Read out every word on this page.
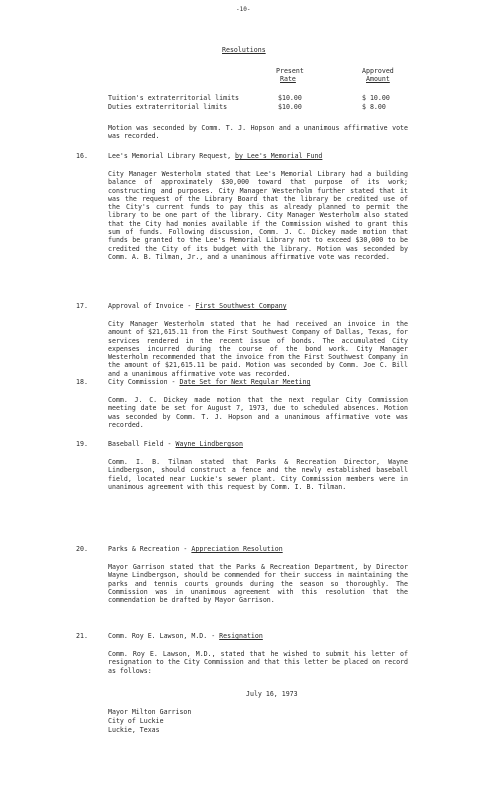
-10-
Resolutions
Present
Rate
Approved
Amount
Tuition's extraterritorial limits	$10.00	$ 10.00
Duties extraterritorial limits	$10.00	$ 8.00
Motion was seconded by Comm. T. J. Hopson and a unanimous affirmative vote was recorded.
16.	Lee's Memorial Library Request, by Lee's Memorial Fund
City Manager Westerholm stated that Lee's Memorial Library had a building balance of approximately $30,000 toward that purpose of its work; constructing and purposes. City Manager Westerholm further stated that it was the request of the Library Board that the library be credited use of the City's current funds to pay this as already planned to permit the library to be one part of the library. City Manager Westerholm also stated that the City had monies available if the Commission wished to grant this sum of funds. Following discussion, Comm. J. C. Dickey made motion that funds be granted to the Lee's Memorial Library not to exceed $30,000 to be credited the City of its budget with the library. Motion was seconded by Comm. A. B. Tilman, Jr., and a unanimous affirmative vote was recorded.
17.	Approval of Invoice - First Southwest Company
City Manager Westerholm stated that he had received an invoice in the amount of $21,615.11 from the First Southwest Company of Dallas, Texas, for services rendered in the recent issue of bonds. The accumulated City expenses incurred during the course of the bond work. City Manager Westerholm recommended that the invoice from the First Southwest Company in the amount of $21,615.11 be paid. Motion was seconded by Comm. Joe C. Bill and a unanimous affirmative vote was recorded.
18.	City Commission - Date Set for Next Regular Meeting
Comm. J. C. Dickey made motion that the next regular City Commission meeting date be set for August 7, 1973, due to scheduled absences. Motion was seconded by Comm. T. J. Hopson and a unanimous affirmative vote was recorded.
19.	Baseball Field - Wayne Lindbergson
Comm. I. B. Tilman stated that Parks & Recreation Director, Wayne Lindbergson, should construct a fence and the newly established baseball field, located near Luckie's sewer plant. City Commission members were in unanimous agreement with this request by Comm. I. B. Tilman.
20.	Parks & Recreation - Appreciation Resolution
Mayor Garrison stated that the Parks & Recreation Department, by Director Wayne Lindbergson, should be commended for their success in maintaining the parks and tennis courts grounds during the season so thoroughly. The Commission was in unanimous agreement with this resolution that the commendation be drafted by Mayor Garrison.
21.	Comm. Roy E. Lawson, M.D. - Resignation
Comm. Roy E. Lawson, M.D., stated that he wished to submit his letter of resignation to the City Commission and that this letter be placed on record as follows:
July 16, 1973
Mayor Milton Garrison
City of Luckie
Luckie, Texas
